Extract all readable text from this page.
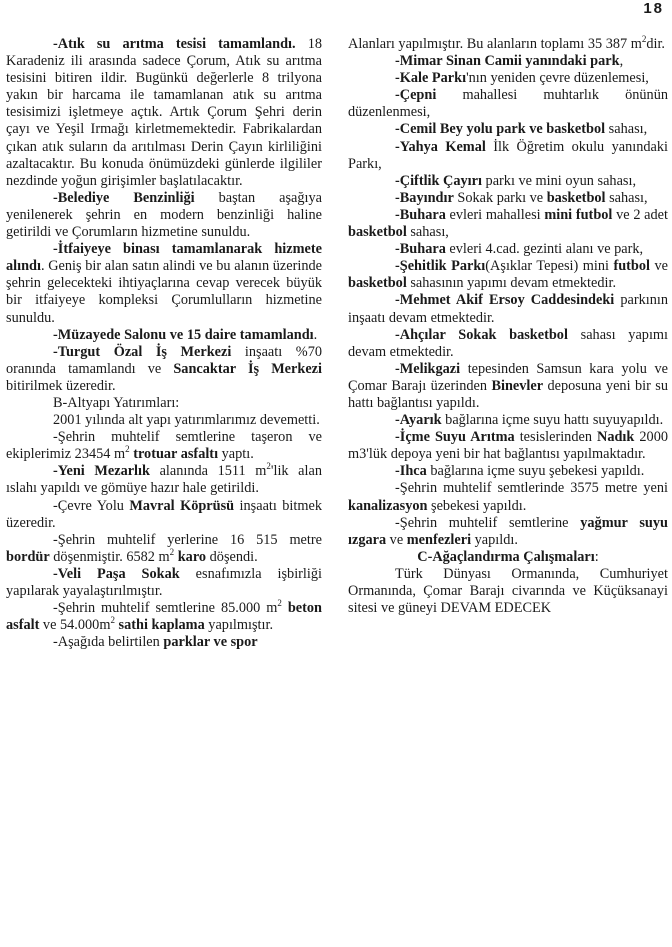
18

-Atık su arıtma tesisi tamamlandı. 18 Karadeniz ili arasında sadece Çorum, Atık su arıtma tesisini bitiren ildir. Bugünkü değerlerle 8 trilyona yakın bir harcama ile tamamlanan atık su arıtma tesisimizi işletmeye açtık. Artık Çorum Şehri derin çayı ve Yeşil Irmağı kirletmemektedir. Fabrikalardan çıkan atık suların da arıtılması Derin Çayın kirliliğini azaltacaktır. Bu konuda önümüzdeki günlerde ilgililer nezdinde yoğun girişimler başlatılacaktır.

-Belediye Benzinliği baştan aşağıya yenilenerek şehrin en modern benzinliği haline getirildi ve Çorumların hizmetine sunuldu.

-İtfaiyeye binası tamamlanarak hizmete alındı. Geniş bir alan satın alindi ve bu alanın üzerinde şehrin gelecekteki ihtiyaçlarına cevap verecek büyük bir itfaiyeye kompleksi Çorumlulların hizmetine sunuldu.

-Müzayede Salonu ve 15 daire tamamlandı.

-Turgut Özal İş Merkezi inşaatı %70 oranında tamamlandı ve Sancaktar İş Merkezi bitirilmek üzeredir.

B-Altyapı Yatırımları:

2001 yılında alt yapı yatırımlarımız devemetti.

-Şehrin muhtelif semtlerine taşeron ve ekiplerimiz 23454 $m^2$ trotuar asfaltı yaptı.

-Yeni Mezarlık alanında 1511 $m^2'lik$ alan ıslahı yapıldı ve gömüye hazır hale getirildi.

-Çevre Yolu Mavral Köprüsü inşaatı bitmek üzeredir.

-Şehrin muhtelif yerlerine 16 515 metre bordür döşenmiştir. 6582 $m^2$ karo döşendi.

-Veli Paşa Sokak esnafımızla işbirliği yapılarak yayalaştırılmıştır.

-Şehrin muhtelif semtlerine 85.000 $m^2$ beton asfalt ve $54.000m^2$ sathi kaplama yapılmıştır.

-Aşağıda belirtilen parklar ve spor

Alanları yapılmıştır. Bu alanların toplamı 35 387 $m^2dir$.

-Mimar Sinan Camii yanındaki park,

-Kale Parkı'nın yeniden çevre düzenlemesi,

-Çepni mahallesi muhtarlık önünün düzenlenmesi,

-Cemil Bey yolu park ve basketbol sahası,

-Yahya Kemal İlk Öğretim okulu yanındaki Parkı,

-Çiftlik Çayırı parkı ve mini oyun sahası,

-Bayındır Sokak parkı ve basketbol sahası,

-Buhara evleri mahallesi mini futbol ve 2 adet basketbol sahası,

-Buhara evleri 4.cad. gezinti alanı ve park,

-Şehitlik Parkı(Aşıklar Tepesi) mini futbol ve basketbol sahasının yapımı devam etmektedir.

-Mehmet Akif Ersoy Caddesindeki parkının inşaatı devam etmektedir.

-Ahçılar Sokak basketbol sahası yapımı devam etmektedir.

-Melikgazi tepesinden Samsun kara yolu ve Çomar Barajı üzerinden Binevler deposuna yeni bir su hattı bağlantısı yapıldı.

-Ayarık bağlarına içme suyu hattı suyuyapıldı.

-İçme Suyu Arıtma tesislerinden Nadık 2000 m3'lük depoya yeni bir hat bağlantısı yapılmaktadır.

-Ihca bağlarına içme suyu şebekesi yapıldı.

-Şehrin muhtelif semtlerinde 3575 metre yeni kanalizasyon şebekesi yapıldı.

-Şehrin muhtelif semtlerine yağmur suyu ızgara ve menfezleri yapıldı.

C-Ağaçlandırma Çalışmaları:

Türk Dünyası Ormanında, Cumhuriyet Ormanında, Çomar Barajı civarında ve Küçüksanayi sitesi ve güneyi DEVAM EDECEK
